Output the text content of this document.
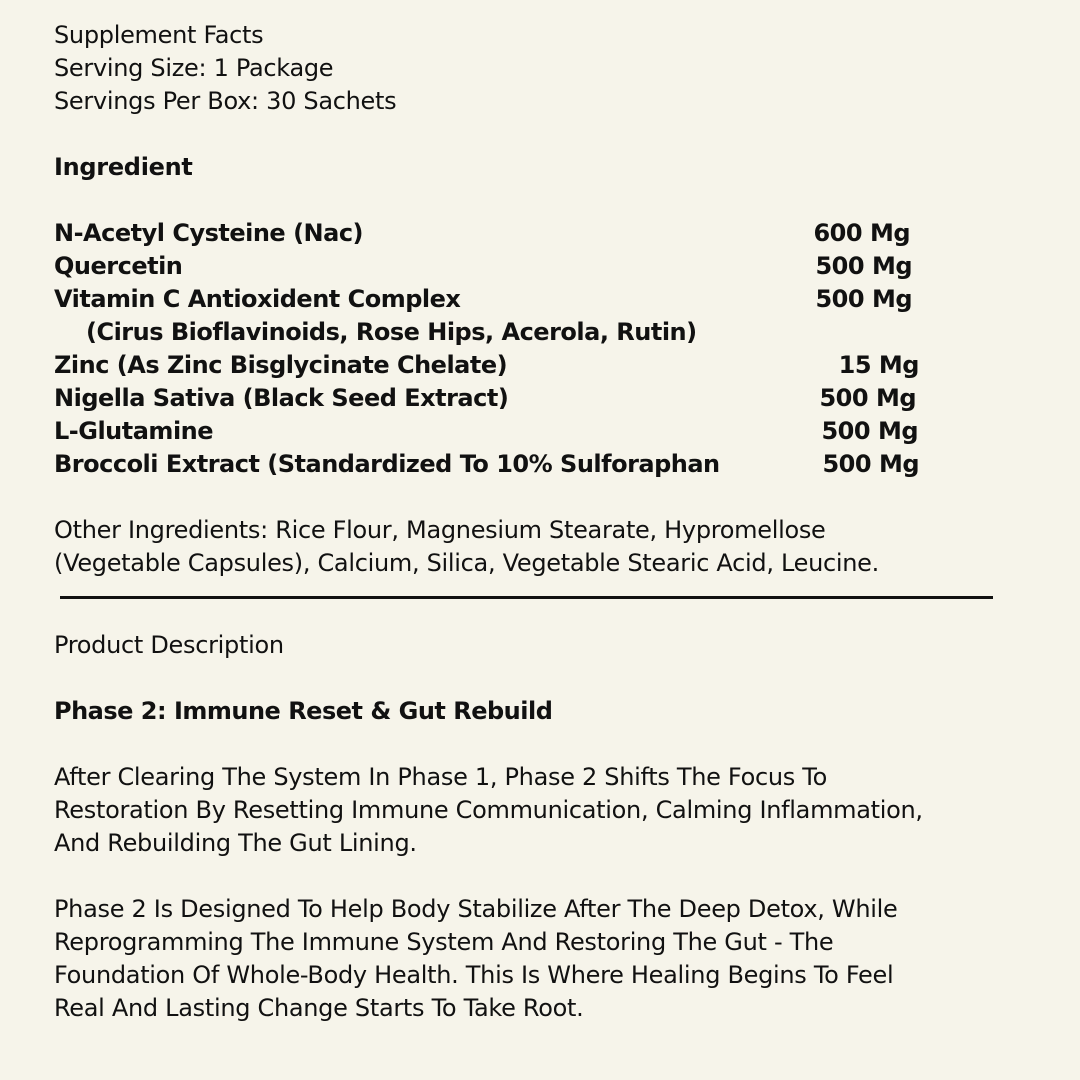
Supplement Facts
Serving Size: 1 Package
Servings Per Box: 30 Sachets
Ingredient
N-Acetyl Cysteine (Nac)	600 Mg
Quercetin	500 Mg
Vitamin C Antioxident Complex	500 Mg
(Cirus Bioflavinoids, Rose Hips, Acerola, Rutin)
Zinc (As Zinc Bisglycinate Chelate)	15 Mg
Nigella Sativa (Black Seed Extract)	500 Mg
L-Glutamine	500 Mg
Broccoli Extract (Standardized To 10% Sulforaphan	500 Mg
Other Ingredients: Rice Flour, Magnesium Stearate, Hypromellose
(Vegetable Capsules), Calcium, Silica, Vegetable Stearic Acid, Leucine.
Product Description
Phase 2: Immune Reset & Gut Rebuild
After Clearing The System In Phase 1, Phase 2 Shifts The Focus To
Restoration By Resetting Immune Communication, Calming Inflammation,
And Rebuilding The Gut Lining.
Phase 2 Is Designed To Help Body Stabilize After The Deep Detox, While
Reprogramming The Immune System And Restoring The Gut - The
Foundation Of Whole-Body Health. This Is Where Healing Begins To Feel
Real And Lasting Change Starts To Take Root.
